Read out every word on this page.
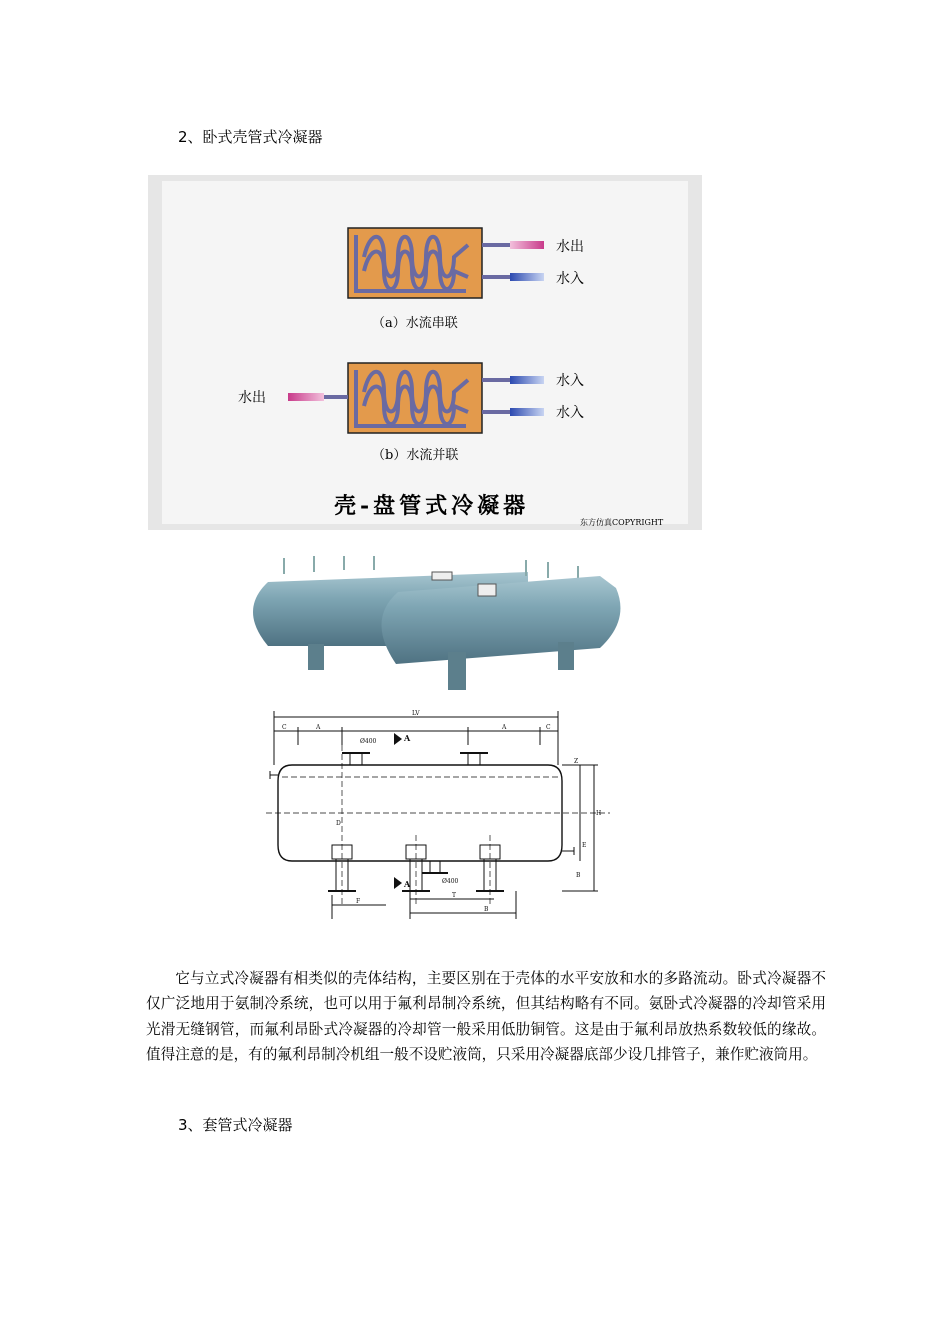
2、卧式壳管式冷凝器
水出
水入
（a）水流串联
水出
水入
水入
（b）水流并联
壳-盘管式冷凝器
东方仿真COPYRIGHT
LV
C	A	A	C
Ø400	A
D
F
A	Ø400
T
B
Z
H
E
B

它与立式冷凝器有相类似的壳体结构，主要区别在于壳体的水平安放和水的多路流动。卧式冷凝器不仅广泛地用于氨制冷系统，也可以用于氟利昂制冷系统，但其结构略有不同。氨卧式冷凝器的冷却管采用光滑无缝钢管，而氟利昂卧式冷凝器的冷却管一般采用低肋铜管。这是由于氟利昂放热系数较低的缘故。值得注意的是，有的氟利昂制冷机组一般不设贮液筒，只采用冷凝器底部少设几排管子，兼作贮液筒用。

3、套管式冷凝器
